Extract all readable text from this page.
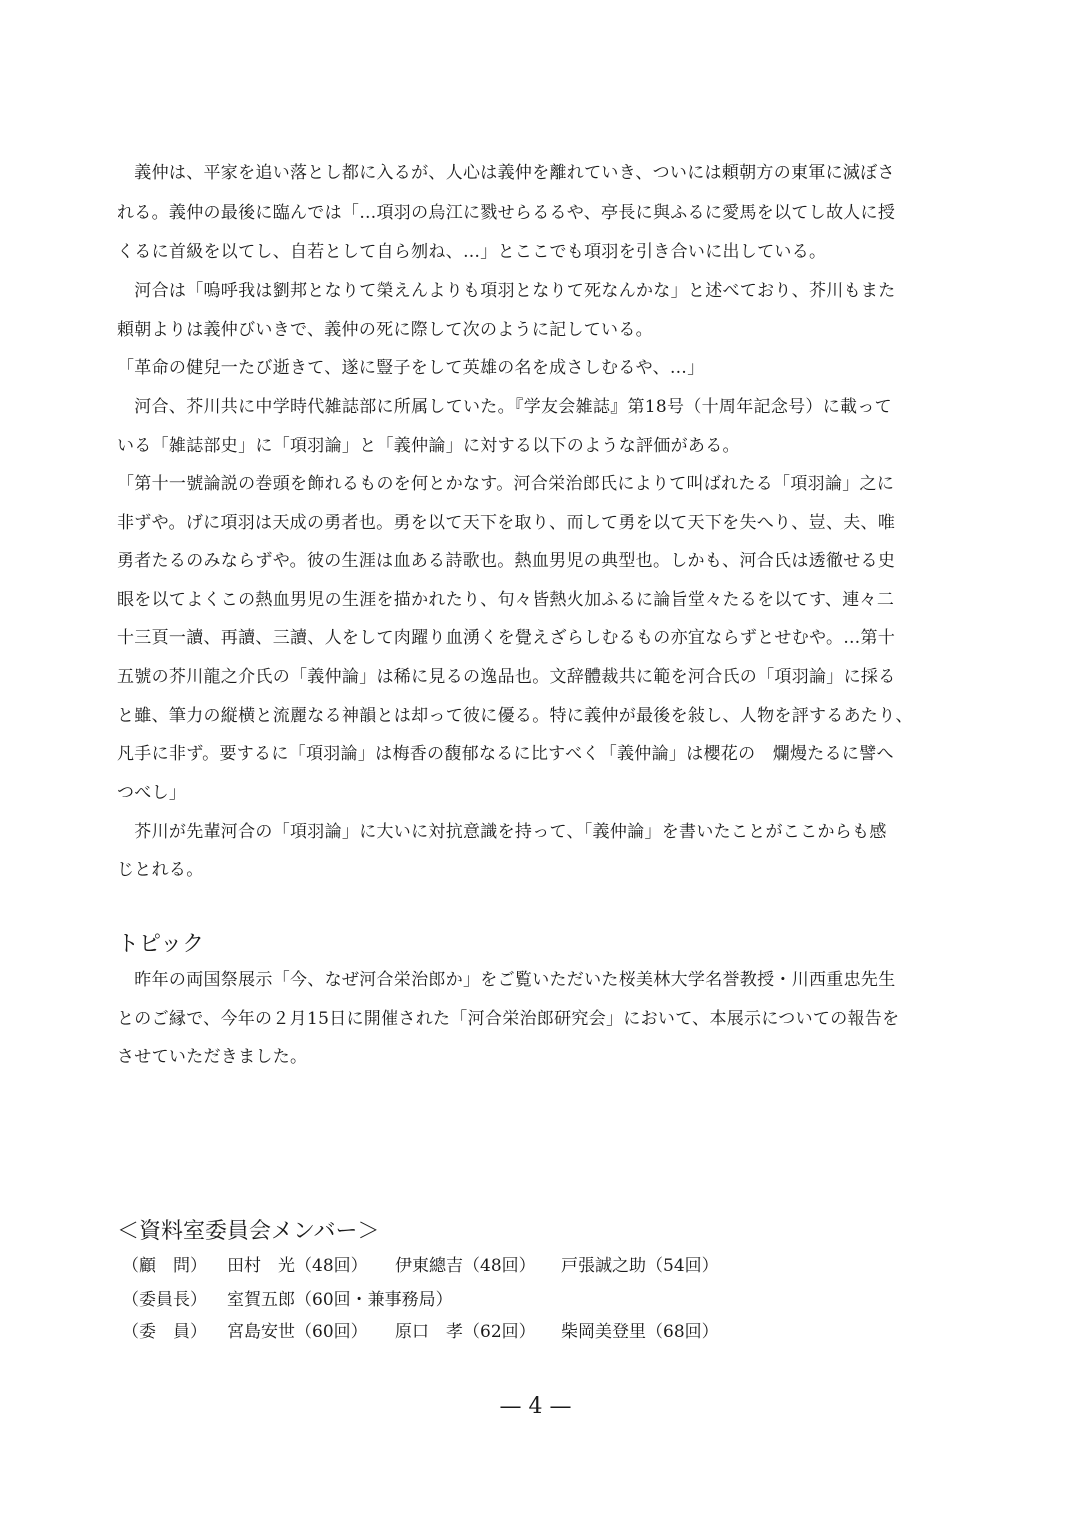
　義仲は、平家を追い落とし都に入るが、人心は義仲を離れていき、ついには頼朝方の東軍に滅ぼさ
れる。義仲の最後に臨んでは「…項羽の烏江に戮せらるるや、亭長に與ふるに愛馬を以てし故人に授
くるに首級を以てし、自若として自ら刎ね、…」とここでも項羽を引き合いに出している。
　河合は「嗚呼我は劉邦となりて榮えんよりも項羽となりて死なんかな」と述べており、芥川もまた
頼朝よりは義仲びいきで、義仲の死に際して次のように記している。
「革命の健兒一たび逝きて、遂に豎子をして英雄の名を成さしむるや、…」
　河合、芥川共に中学時代雑誌部に所属していた。『学友会雑誌』第18号（十周年記念号）に載って
いる「雑誌部史」に「項羽論」と「義仲論」に対する以下のような評価がある。
「第十一號論説の巻頭を飾れるものを何とかなす。河合栄治郎氏によりて叫ばれたる「項羽論」之に
非ずや。げに項羽は天成の勇者也。勇を以て天下を取り、而して勇を以て天下を失へり、豈、夫、唯
勇者たるのみならずや。彼の生涯は血ある詩歌也。熱血男児の典型也。しかも、河合氏は透徹せる史
眼を以てよくこの熱血男児の生涯を描かれたり、句々皆熱火加ふるに論旨堂々たるを以てす、連々二
十三頁一讀、再讀、三讀、人をして肉躍り血湧くを覺えざらしむるもの亦宜ならずとせむや。…第十
五號の芥川龍之介氏の「義仲論」は稀に見るの逸品也。文辞體裁共に範を河合氏の「項羽論」に採る
と雖、筆力の縦横と流麗なる神韻とは却って彼に優る。特に義仲が最後を敍し、人物を評するあたり、
凡手に非ず。要するに「項羽論」は梅香の馥郁なるに比すべく「義仲論」は櫻花の　爛熳たるに譬へ
つべし」
　芥川が先輩河合の「項羽論」に大いに対抗意識を持って、「義仲論」を書いたことがここからも感
じとれる。
トピック
　昨年の両国祭展示「今、なぜ河合栄治郎か」をご覧いただいた桜美林大学名誉教授・川西重忠先生
とのご縁で、今年の２月15日に開催された「河合栄治郎研究会」において、本展示についての報告を
させていただきました。
＜資料室委員会メンバー＞
（顧　問） 田村　光（48回） 伊東總吉（48回） 戸張誠之助（54回）
（委員長） 室賀五郎（60回・兼事務局）
（委　員） 宮島安世（60回） 原口　孝（62回） 柴岡美登里（68回）
— 4 —
